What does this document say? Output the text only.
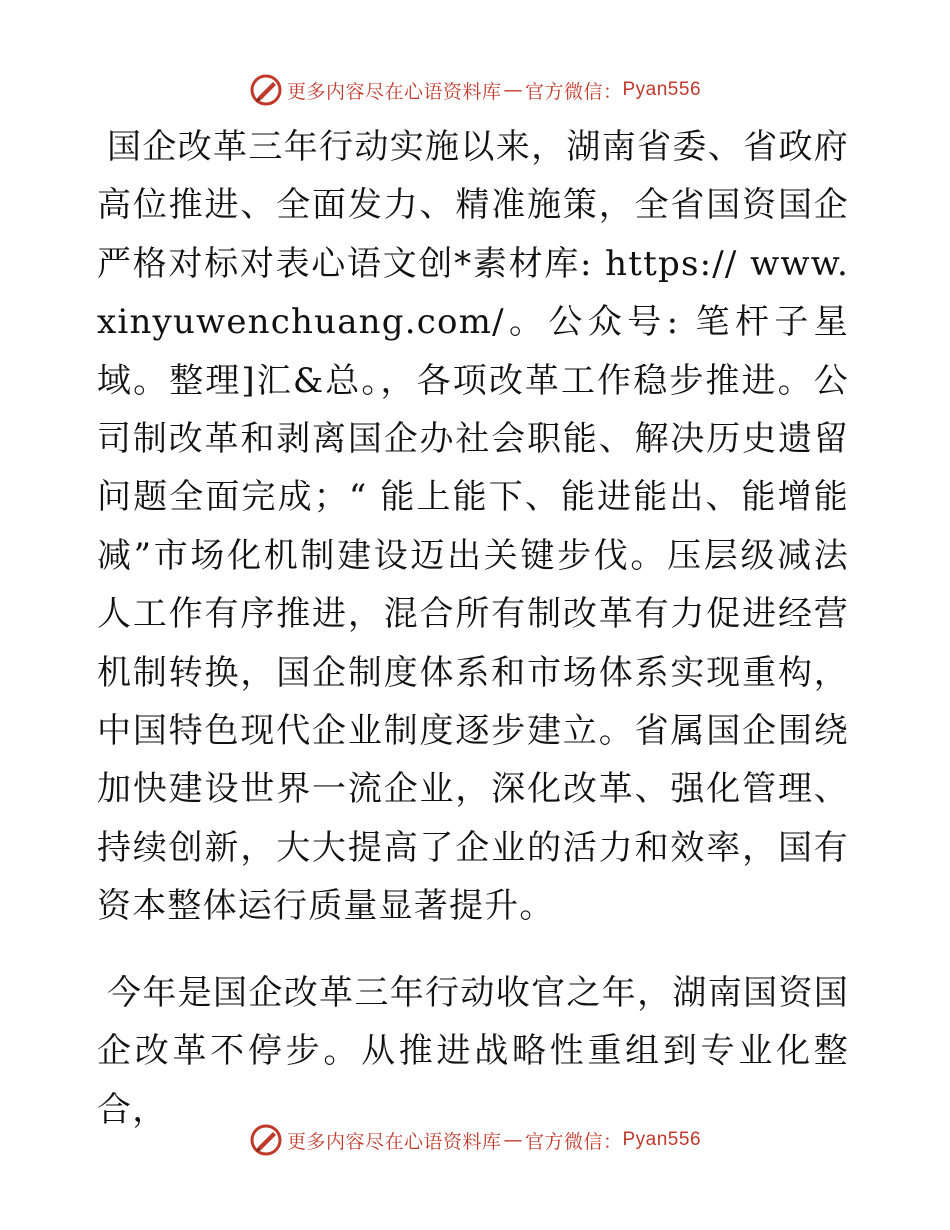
更多内容尽在心语资料库 — 官方微信： Pyan556

国企改革三年行动实施以来，湖南省委、省政府高位推进、全面发力、精准施策，全省国资国企严格对标对表心语文创*素材库: https:// www.xinyuwenchuang.com/。公众号: 笔杆子星域。整理]汇&总。，各项改革工作稳步推进。公司制改革和剥离国企办社会职能、解决历史遗留问题全面完成；“ 能上能下、能进能出、能增能减”市场化机制建设迈出关键步伐。压层级减法人工作有序推进，混合所有制改革有力促进经营机制转换，国企制度体系和市场体系实现重构，中国特色现代企业制度逐步建立。省属国企围绕加快建设世界一流企业，深化改革、强化管理、持续创新，大大提高了企业的活力和效率，国有资本整体运行质量显著提升。

今年是国企改革三年行动收官之年，湖南国资国企改革不停步。从推进战略性重组到专业化整合，

更多内容尽在心语资料库 — 官方微信： Pyan556
